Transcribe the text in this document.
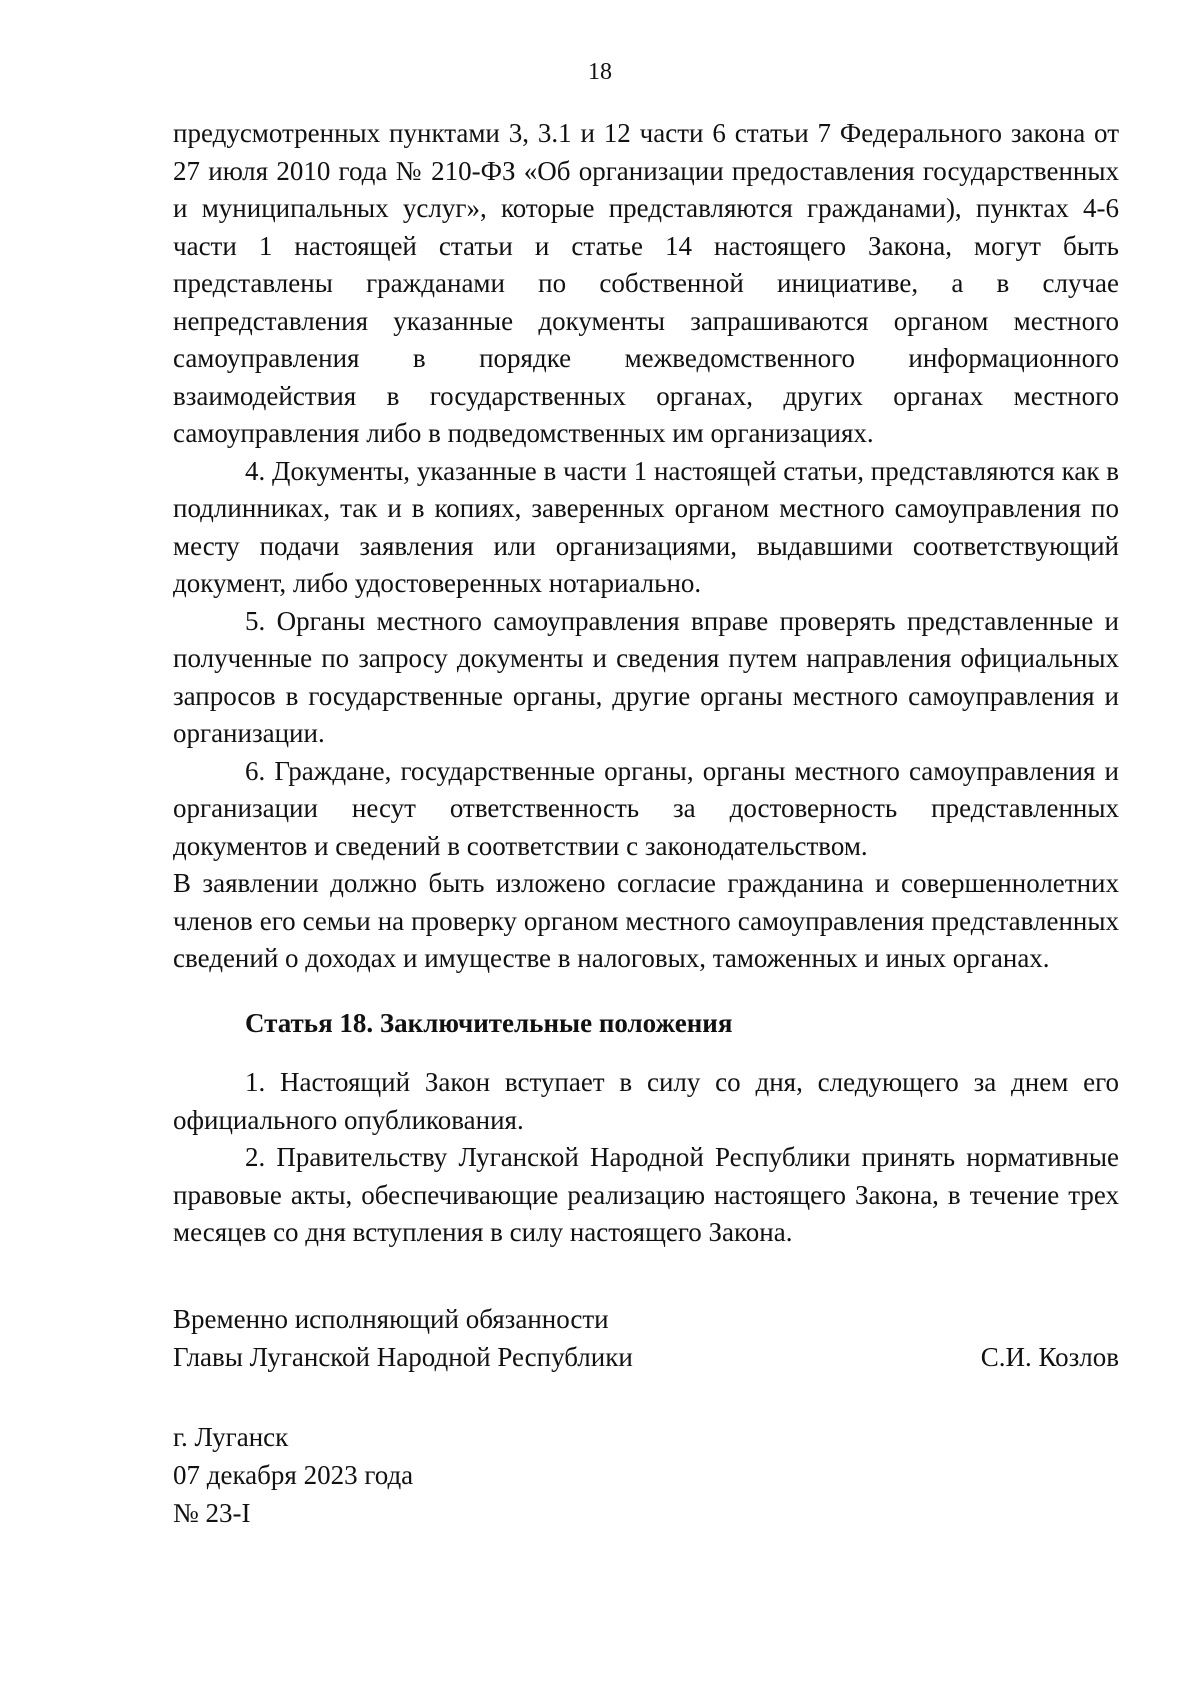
18

предусмотренных пунктами 3, 3.1 и 12 части 6 статьи 7 Федерального закона от 27 июля 2010 года № 210-ФЗ «Об организации предоставления государственных и муниципальных услуг», которые представляются гражданами), пунктах 4-6 части 1 настоящей статьи и статье 14 настоящего Закона, могут быть представлены гражданами по собственной инициативе, а в случае непредставления указанные документы запрашиваются органом местного самоуправления в порядке межведомственного информационного взаимодействия в государственных органах, других органах местного самоуправления либо в подведомственных им организациях.

4. Документы, указанные в части 1 настоящей статьи, представляются как в подлинниках, так и в копиях, заверенных органом местного самоуправления по месту подачи заявления или организациями, выдавшими соответствующий документ, либо удостоверенных нотариально.

5. Органы местного самоуправления вправе проверять представленные и полученные по запросу документы и сведения путем направления официальных запросов в государственные органы, другие органы местного самоуправления и организации.

6. Граждане, государственные органы, органы местного самоуправления и организации несут ответственность за достоверность представленных документов и сведений в соответствии с законодательством.

В заявлении должно быть изложено согласие гражданина и совершеннолетних членов его семьи на проверку органом местного самоуправления представленных сведений о доходах и имуществе в налоговых, таможенных и иных органах.

Статья 18. Заключительные положения

1. Настоящий Закон вступает в силу со дня, следующего за днем его официального опубликования.

2. Правительству Луганской Народной Республики принять нормативные правовые акты, обеспечивающие реализацию настоящего Закона, в течение трех месяцев со дня вступления в силу настоящего Закона.

Временно исполняющий обязанности
Главы Луганской Народной Республики	С.И. Козлов
г. Луганск
07 декабря 2023 года
№ 23-I
